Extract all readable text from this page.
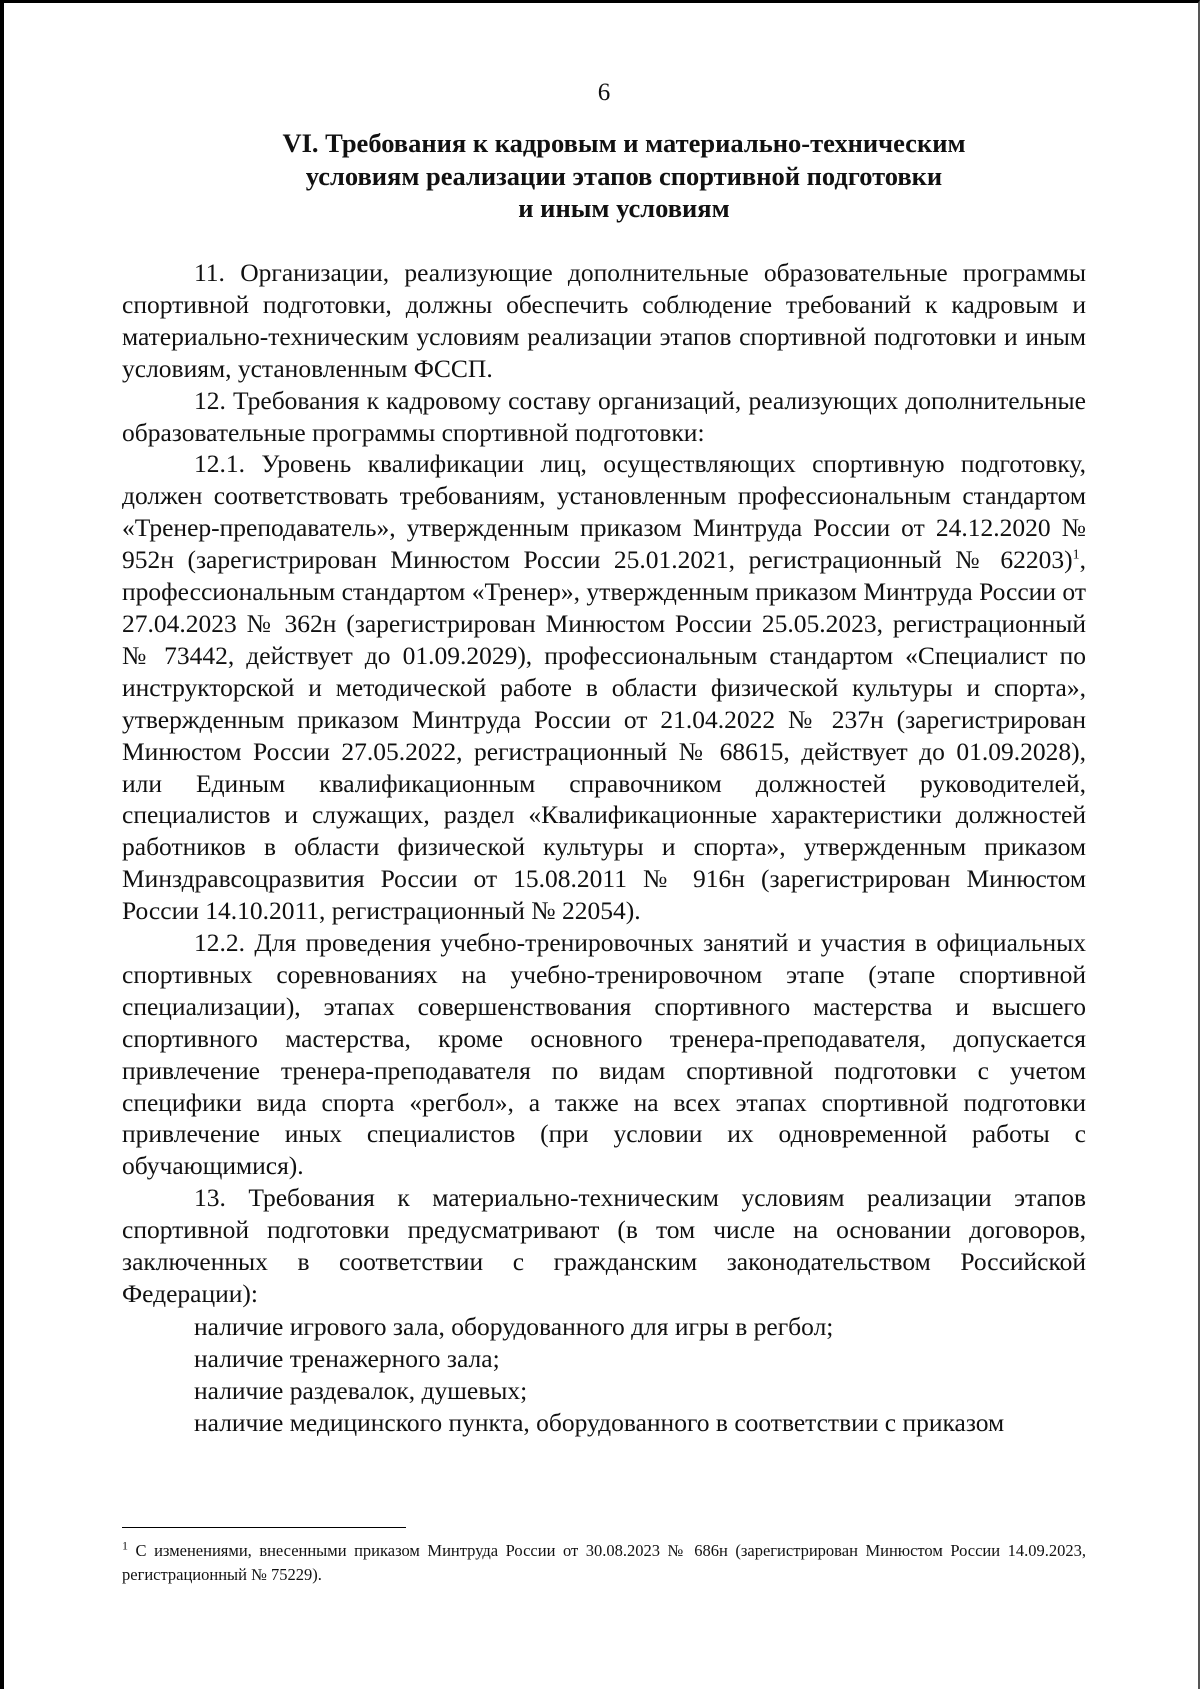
6
VI. Требования к кадровым и материально-техническим
условиям реализации этапов спортивной подготовки
и иным условиям

11. Организации, реализующие дополнительные образовательные программы спортивной подготовки, должны обеспечить соблюдение требований к кадровым и материально-техническим условиям реализации этапов спортивной подготовки и иным условиям, установленным ФССП.

12. Требования к кадровому составу организаций, реализующих дополнительные образовательные программы спортивной подготовки:

12.1. Уровень квалификации лиц, осуществляющих спортивную подготовку, должен соответствовать требованиям, установленным профессиональным стандартом «Тренер-преподаватель», утвержденным приказом Минтруда России от 24.12.2020 № 952н (зарегистрирован Минюстом России 25.01.2021, регистрационный № 62203)$^1$, профессиональным стандартом «Тренер», утвержденным приказом Минтруда России от 27.04.2023 № 362н (зарегистрирован Минюстом России 25.05.2023, регистрационный № 73442, действует до 01.09.2029), профессиональным стандартом «Специалист по инструкторской и методической работе в области физической культуры и спорта», утвержденным приказом Минтруда России от 21.04.2022 № 237н (зарегистрирован Минюстом России 27.05.2022, регистрационный № 68615, действует до 01.09.2028), или Единым квалификационным справочником должностей руководителей, специалистов и служащих, раздел «Квалификационные характеристики должностей работников в области физической культуры и спорта», утвержденным приказом Минздравсоцразвития России от 15.08.2011 № 916н (зарегистрирован Минюстом России 14.10.2011, регистрационный № 22054).

12.2. Для проведения учебно-тренировочных занятий и участия в официальных спортивных соревнованиях на учебно-тренировочном этапе (этапе спортивной специализации), этапах совершенствования спортивного мастерства и высшего спортивного мастерства, кроме основного тренера-преподавателя, допускается привлечение тренера-преподавателя по видам спортивной подготовки с учетом специфики вида спорта «регбол», а также на всех этапах спортивной подготовки привлечение иных специалистов (при условии их одновременной работы с обучающимися).

13. Требования к материально-техническим условиям реализации этапов спортивной подготовки предусматривают (в том числе на основании договоров, заключенных в соответствии с гражданским законодательством Российской Федерации):

наличие игрового зала, оборудованного для игры в регбол;

наличие тренажерного зала;

наличие раздевалок, душевых;

наличие медицинского пункта, оборудованного в соответствии с приказом

$^1$ С изменениями, внесенными приказом Минтруда России от 30.08.2023 № 686н (зарегистрирован Минюстом России 14.09.2023, регистрационный № 75229).
